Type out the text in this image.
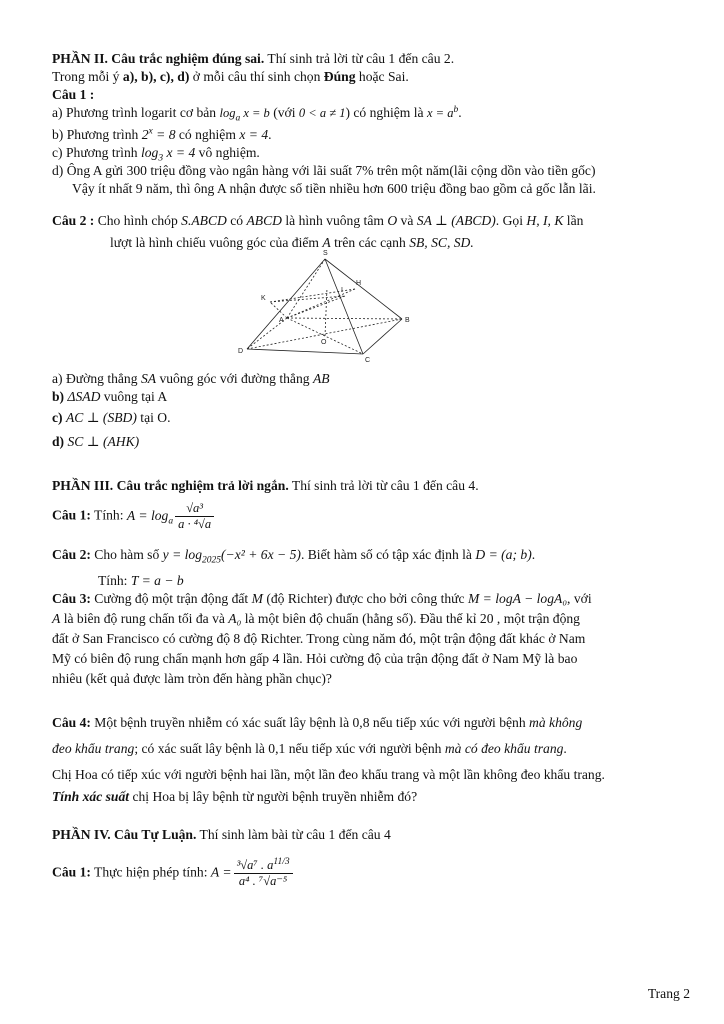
PHẦN II. Câu trắc nghiệm đúng sai. Thí sinh trả lời từ câu 1 đến câu 2.
Trong mỗi ý a), b), c), d) ở mỗi câu thí sinh chọn Đúng hoặc Sai.
Câu 1 :
a) Phương trình logarit cơ bản $\log_a x = b$ (với 0 < a ≠ 1) có nghiệm là $x = a^b$.
b) Phương trình $2^x = 8$ có nghiệm x = 4.
c) Phương trình $\log_3 x = 4$ vô nghiệm.
d) Ông A gửi 300 triệu đồng vào ngân hàng với lãi suất 7% trên một năm(lãi cộng dồn vào tiền gốc)
Vậy ít nhất 9 năm, thì ông A nhận được số tiền nhiều hơn 600 triệu đồng bao gồm cả gốc lẫn lãi.
Câu 2 : Cho hình chóp S.ABCD có ABCD là hình vuông tâm O và SA ⊥ (ABCD). Gọi H, I, K lần
lượt là hình chiếu vuông góc của điểm A trên các cạnh SB, SC, SD.
S
I
H
K
A	B
O
D
C
a) Đường thẳng SA vuông góc với đường thẳng AB
b) ΔSAD vuông tại A
c) AC ⊥ (SBD) tại O.
d) SC ⊥ (AHK)
PHẦN III. Câu trắc nghiệm trả lời ngắn. Thí sinh trả lời từ câu 1 đến câu 4.
Câu 1: Tính: $A = \log_a \frac{\text{√a³}}{\text{a · ⁴√a}}$
Câu 2: Cho hàm số $y = \log_{2025}(-x^2 + 6x - 5)$. Biết hàm số có tập xác định là D = (a; b).
Tính: T = a − b
Câu 3: Cường độ một trận động đất M (độ Richter) được cho bởi công thức M = logA − logA₀, với
A là biên độ rung chấn tối đa và A₀ là một biên độ chuẩn (hằng số). Đầu thế kỉ 20 , một trận động
đất ở San Francisco có cường độ 8 độ Richter. Trong cùng năm đó, một trận động đất khác ở Nam
Mỹ có biên độ rung chấn mạnh hơn gấp 4 lần. Hỏi cường độ của trận động đất ở Nam Mỹ là bao
nhiêu (kết quả được làm tròn đến hàng phần chục)?
Câu 4: Một bệnh truyền nhiễm có xác suất lây bệnh là 0,8 nếu tiếp xúc với người bệnh mà không
đeo khẩu trang; có xác suất lây bệnh là 0,1 nếu tiếp xúc với người bệnh mà có đeo khẩu trang.
Chị Hoa có tiếp xúc với người bệnh hai lần, một lần đeo khẩu trang và một lần không đeo khẩu trang.
Tính xác suất chị Hoa bị lây bệnh từ người bệnh truyền nhiễm đó?
PHẦN IV. Câu Tự Luận. Thí sinh làm bài từ câu 1 đến câu 4
Câu 1: Thực hiện phép tính: $A = \frac{^3√a^7 . a^{11/3}}{\text{a⁴ . ⁷√a⁻⁵}}$
Trang 2
